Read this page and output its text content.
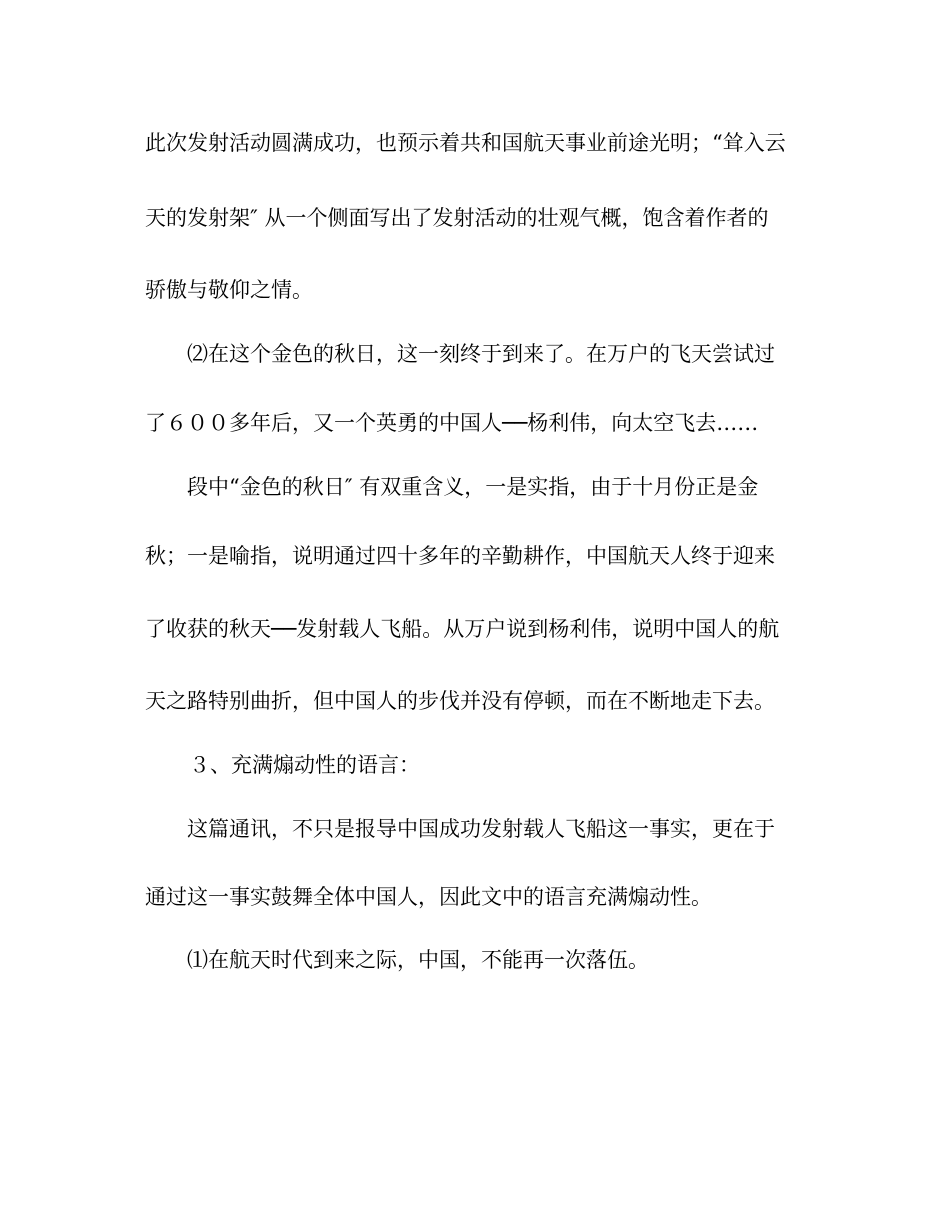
此次发射活动圆满成功，也预示着共和国航天事业前途光明；“耸入云
天的发射架″ 从一个侧面写出了发射活动的壮观气概，饱含着作者的
骄傲与敬仰之情。
⑵在这个金色的秋日，这一刻终于到来了。在万户的飞天尝试过
了６００多年后，又一个英勇的中国人──杨利伟，向太空飞去……
段中“金色的秋日″ 有双重含义，一是实指，由于十月份正是金
秋；一是喻指，说明通过四十多年的辛勤耕作，中国航天人终于迎来
了收获的秋天──发射载人飞船。从万户说到杨利伟，说明中国人的航
天之路特别曲折，但中国人的步伐并没有停顿，而在不断地走下去。
３、充满煽动性的语言：
这篇通讯，不只是报导中国成功发射载人飞船这一事实，更在于
通过这一事实鼓舞全体中国人，因此文中的语言充满煽动性。
⑴在航天时代到来之际，中国，不能再一次落伍。
